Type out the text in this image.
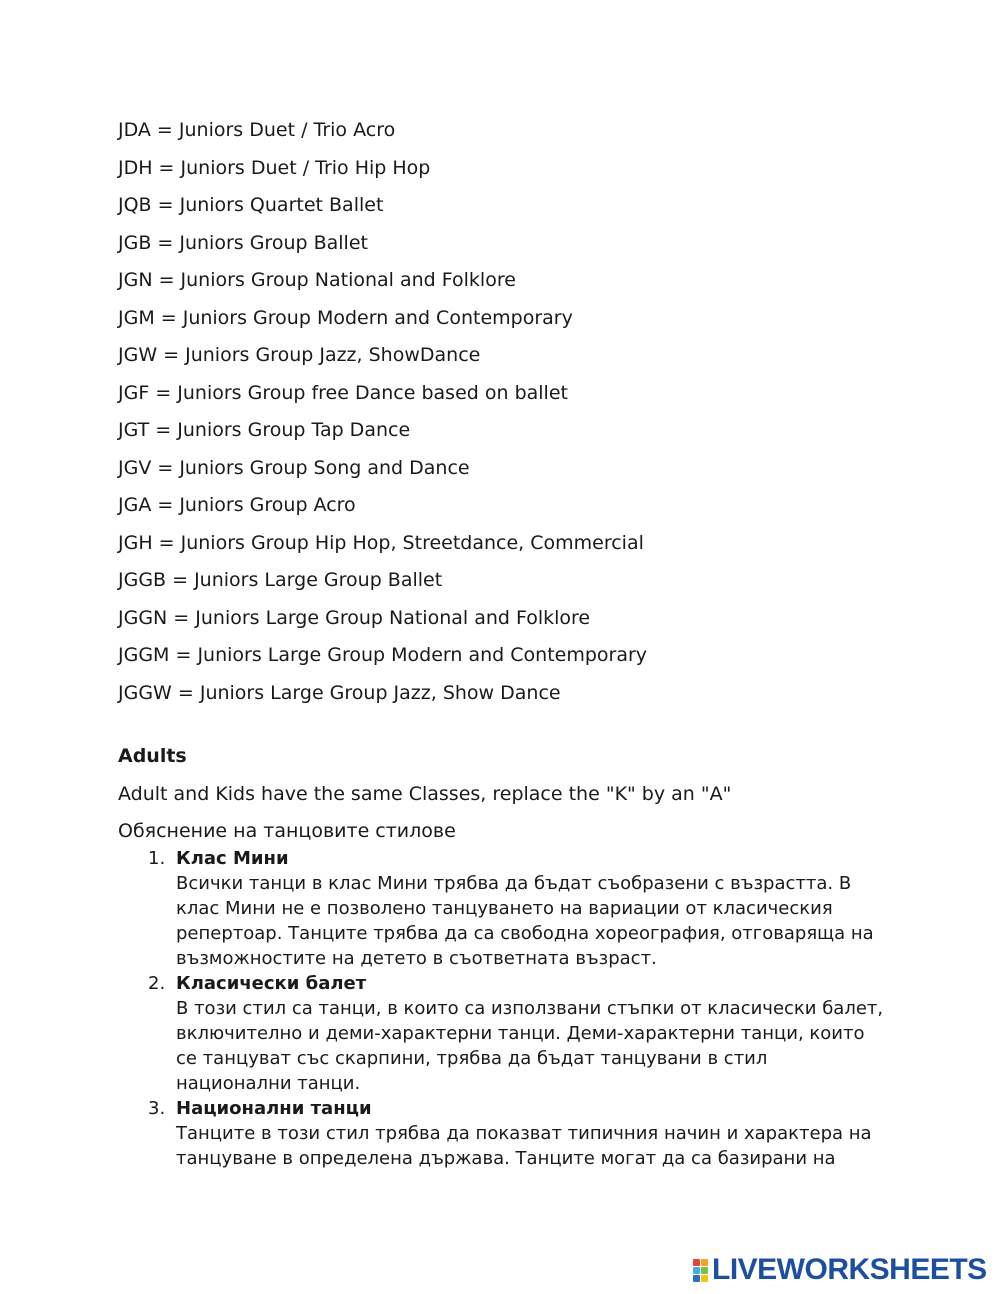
JDA = Juniors Duet / Trio Acro
JDH = Juniors Duet / Trio Hip Hop
JQB = Juniors Quartet Ballet
JGB = Juniors Group Ballet
JGN = Juniors Group National and Folklore
JGM = Juniors Group Modern and Contemporary
JGW = Juniors Group Jazz, ShowDance
JGF = Juniors Group free Dance based on ballet
JGT = Juniors Group Tap Dance
JGV = Juniors Group Song and Dance
JGA = Juniors Group Acro
JGH = Juniors Group Hip Hop, Streetdance, Commercial
JGGB = Juniors Large Group Ballet
JGGN = Juniors Large Group National and Folklore
JGGM = Juniors Large Group Modern and Contemporary
JGGW = Juniors Large Group Jazz, Show Dance
Adults

Adult and Kids have the same Classes, replace the "K" by an "A"

Обяснение на танцовите стилове

1. Клас Мини
Всички танци в клас Мини трябва да бъдат съобразени с възрастта. В клас Мини не е позволено танцуването на вариации от класическия репертоар. Танците трябва да са свободна хореография, отговаряща на възможностите на детето в съответната възраст.
2. Класически балет
В този стил са танци, в които са използвани стъпки от класически балет, включително и деми-характерни танци. Деми-характерни танци, които се танцуват със скарпини, трябва да бъдат танцувани в стил национални танци.
3. Национални танци
Танците в този стил трябва да показват типичния начин и характера на танцуване в определена държава. Танците могат да са базирани на
LIVEWORKSHEETS
